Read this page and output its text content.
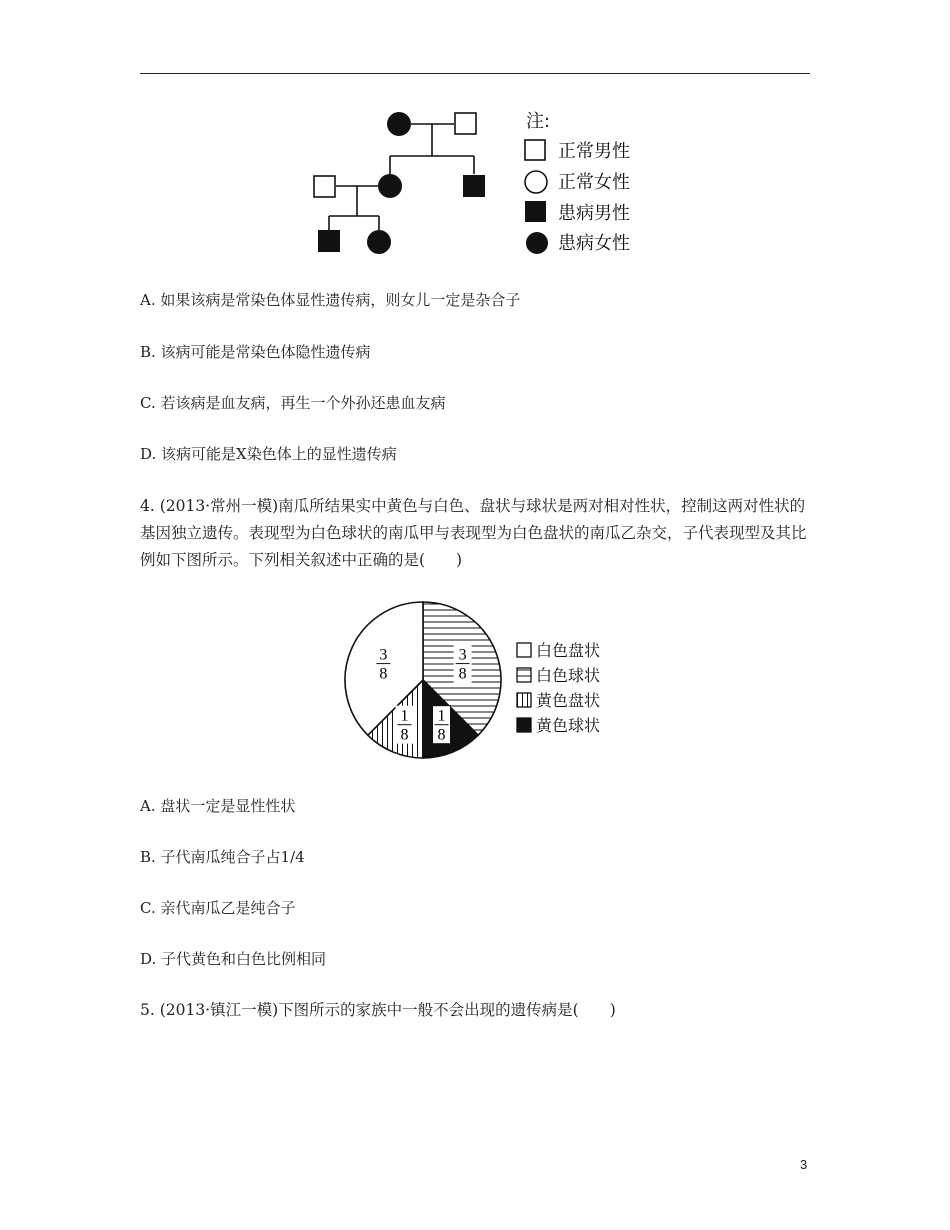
注:
正常男性
正常女性
患病男性
患病女性
A. 如果该病是常染色体显性遗传病，则女儿一定是杂合子
B. 该病可能是常染色体隐性遗传病
C. 若该病是血友病，再生一个外孙还患血友病
D. 该病可能是X染色体上的显性遗传病
4. (2013·常州一模)南瓜所结果实中黄色与白色、盘状与球状是两对相对性状，控制这两对性状的基因独立遗传。表现型为白色球状的南瓜甲与表现型为白色盘状的南瓜乙杂交，子代表现型及其比例如下图所示。下列相关叙述中正确的是(　　)
3
8
1
8
1
8
3
8
白色盘状
白色球状
黄色盘状
黄色球状
A. 盘状一定是显性性状
B. 子代南瓜纯合子占1/4
C. 亲代南瓜乙是纯合子
D. 子代黄色和白色比例相同
5. (2013·镇江一模)下图所示的家族中一般不会出现的遗传病是(　　)
3
